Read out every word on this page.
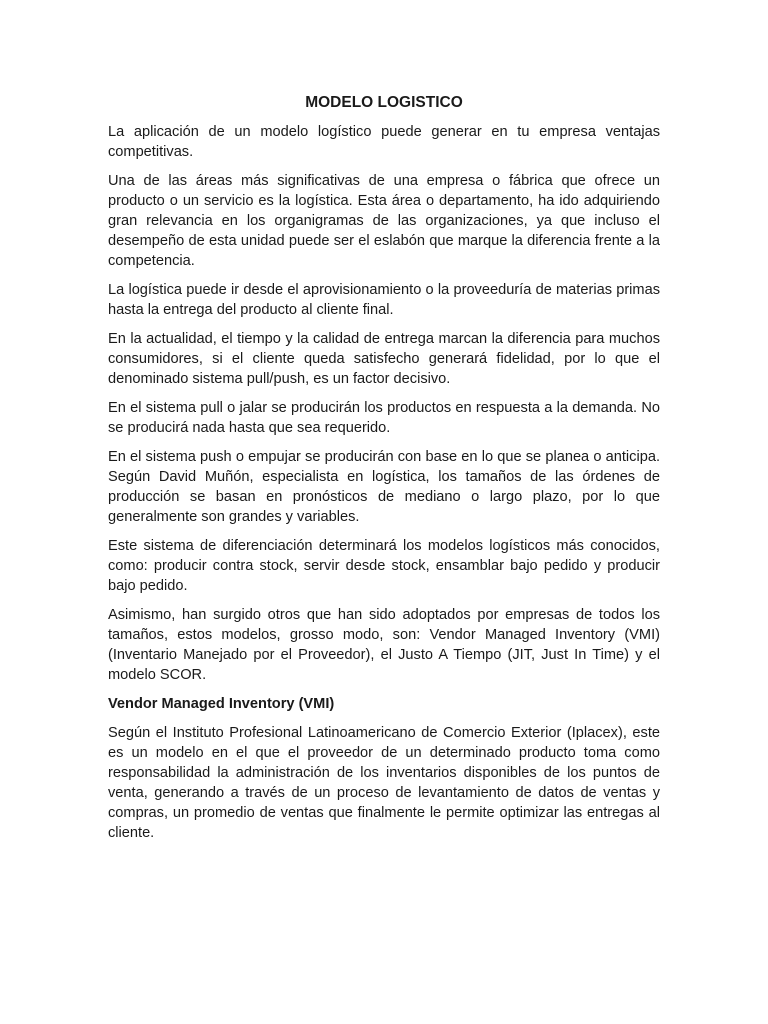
MODELO LOGISTICO

La aplicación de un modelo logístico puede generar en tu empresa ventajas competitivas.

Una de las áreas más significativas de una empresa o fábrica que ofrece un producto o un servicio es la logística. Esta área o departamento, ha ido adquiriendo gran relevancia en los organigramas de las organizaciones, ya que incluso el desempeño de esta unidad puede ser el eslabón que marque la diferencia frente a la competencia.

La logística puede ir desde el aprovisionamiento o la proveeduría de materias primas hasta la entrega del producto al cliente final.

En la actualidad, el tiempo y la calidad de entrega marcan la diferencia para muchos consumidores, si el cliente queda satisfecho generará fidelidad, por lo que el denominado sistema pull/push, es un factor decisivo.

En el sistema pull o jalar se producirán los productos en respuesta a la demanda. No se producirá nada hasta que sea requerido.

En el sistema push o empujar se producirán con base en lo que se planea o anticipa. Según David Muñón, especialista en logística, los tamaños de las órdenes de producción se basan en pronósticos de mediano o largo plazo, por lo que generalmente son grandes y variables.

Este sistema de diferenciación determinará los modelos logísticos más conocidos, como: producir contra stock, servir desde stock, ensamblar bajo pedido y producir bajo pedido.

Asimismo, han surgido otros que han sido adoptados por empresas de todos los tamaños, estos modelos, grosso modo, son: Vendor Managed Inventory (VMI) (Inventario Manejado por el Proveedor), el Justo A Tiempo (JIT, Just In Time) y el modelo SCOR.

Vendor Managed Inventory (VMI)

Según el Instituto Profesional Latinoamericano de Comercio Exterior (Iplacex), este es un modelo en el que el proveedor de un determinado producto toma como responsabilidad la administración de los inventarios disponibles de los puntos de venta, generando a través de un proceso de levantamiento de datos de ventas y compras, un promedio de ventas que finalmente le permite optimizar las entregas al cliente.
